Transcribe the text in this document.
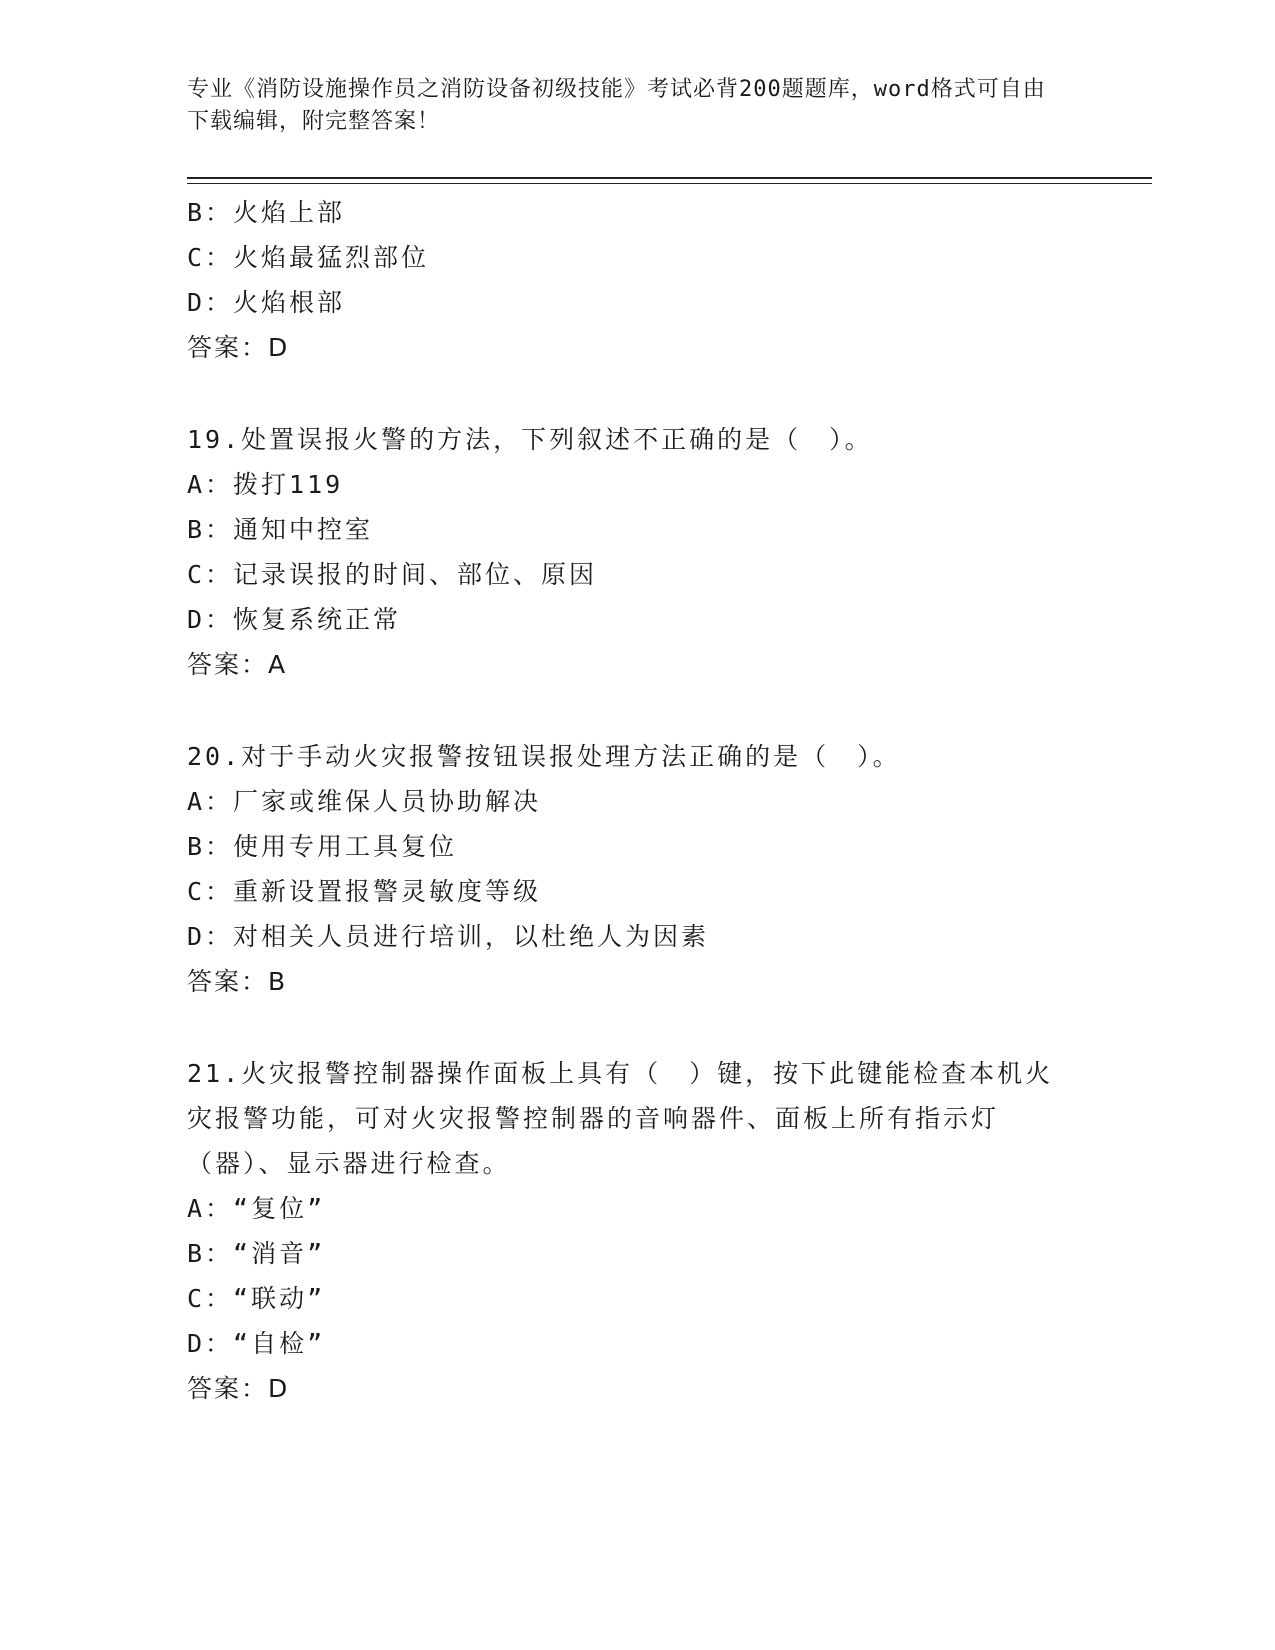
专业《消防设施操作员之消防设备初级技能》考试必背200题题库，word格式可自由下载编辑，附完整答案！
B：火焰上部
C：火焰最猛烈部位
D：火焰根部
答案：D
19.处置误报火警的方法，下列叙述不正确的是（　）。
A：拨打119
B：通知中控室
C：记录误报的时间、部位、原因
D：恢复系统正常
答案：A
20.对于手动火灾报警按钮误报处理方法正确的是（　）。
A：厂家或维保人员协助解决
B：使用专用工具复位
C：重新设置报警灵敏度等级
D：对相关人员进行培训，以杜绝人为因素
答案：B
21.火灾报警控制器操作面板上具有（　）键，按下此键能检查本机火灾报警功能，可对火灾报警控制器的音响器件、面板上所有指示灯（器）、显示器进行检查。
A：“复位”
B：“消音”
C：“联动”
D：“自检”
答案：D
